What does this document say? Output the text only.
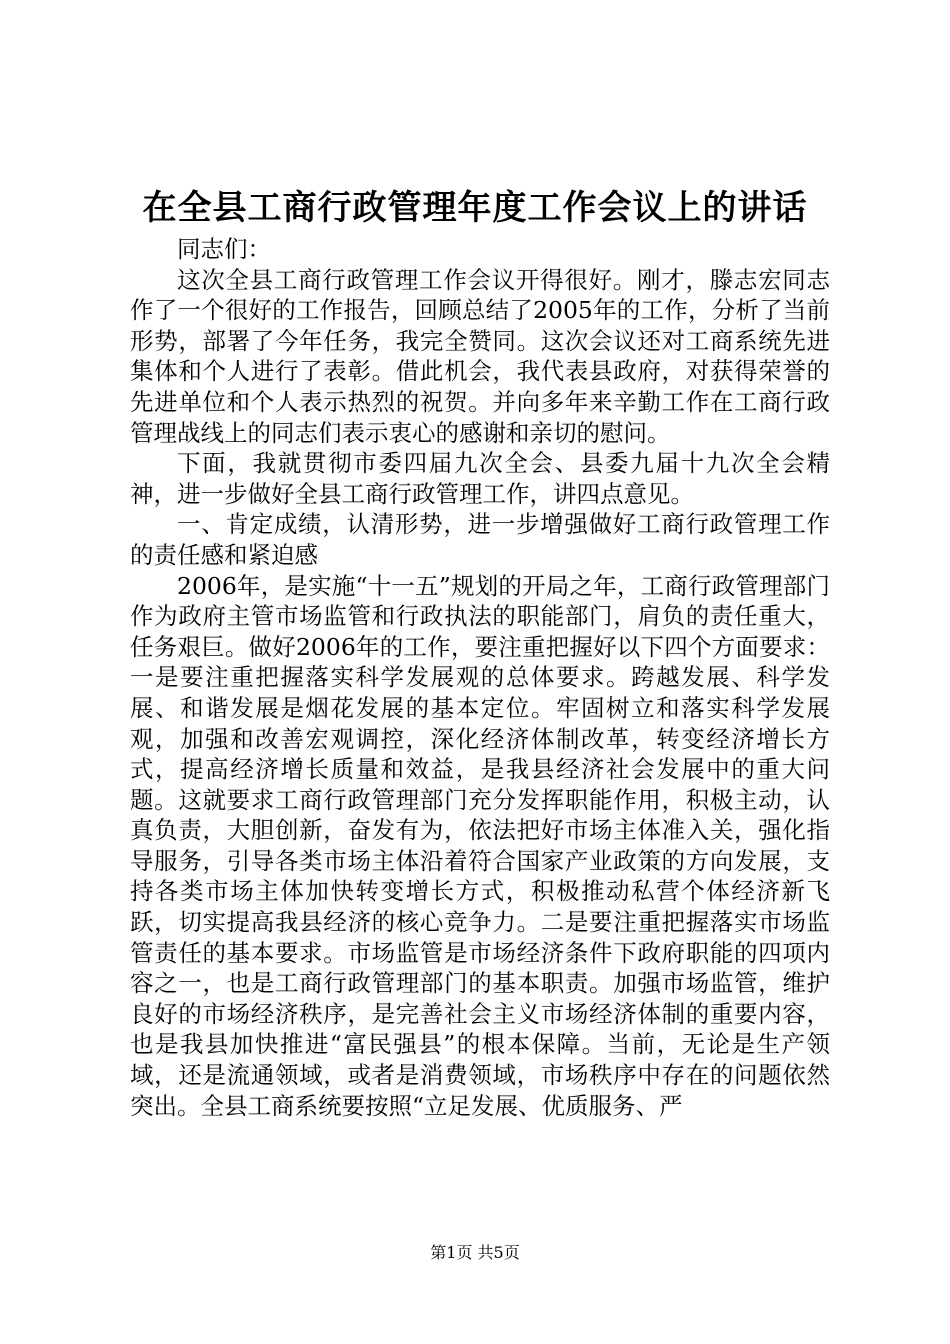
在全县工商行政管理年度工作会议上的讲话

同志们：

这次全县工商行政管理工作会议开得很好。刚才，滕志宏同志作了一个很好的工作报告，回顾总结了2005年的工作，分析了当前形势，部署了今年任务，我完全赞同。这次会议还对工商系统先进集体和个人进行了表彰。借此机会，我代表县政府，对获得荣誉的先进单位和个人表示热烈的祝贺。并向多年来辛勤工作在工商行政管理战线上的同志们表示衷心的感谢和亲切的慰问。

下面，我就贯彻市委四届九次全会、县委九届十九次全会精神，进一步做好全县工商行政管理工作，讲四点意见。

一、肯定成绩，认清形势，进一步增强做好工商行政管理工作的责任感和紧迫感

2006年，是实施“十一五”规划的开局之年，工商行政管理部门作为政府主管市场监管和行政执法的职能部门，肩负的责任重大，任务艰巨。做好2006年的工作，要注重把握好以下四个方面要求：一是要注重把握落实科学发展观的总体要求。跨越发展、科学发展、和谐发展是烟花发展的基本定位。牢固树立和落实科学发展观，加强和改善宏观调控，深化经济体制改革，转变经济增长方式，提高经济增长质量和效益，是我县经济社会发展中的重大问题。这就要求工商行政管理部门充分发挥职能作用，积极主动，认真负责，大胆创新，奋发有为，依法把好市场主体准入关，强化指导服务，引导各类市场主体沿着符合国家产业政策的方向发展，支持各类市场主体加快转变增长方式，积极推动私营个体经济新飞跃，切实提高我县经济的核心竞争力。二是要注重把握落实市场监管责任的基本要求。市场监管是市场经济条件下政府职能的四项内容之一，也是工商行政管理部门的基本职责。加强市场监管，维护良好的市场经济秩序，是完善社会主义市场经济体制的重要内容，也是我县加快推进“富民强县”的根本保障。当前，无论是生产领域，还是流通领域，或者是消费领域，市场秩序中存在的问题依然突出。全县工商系统要按照“立足发展、优质服务、严

第1页 共5页
